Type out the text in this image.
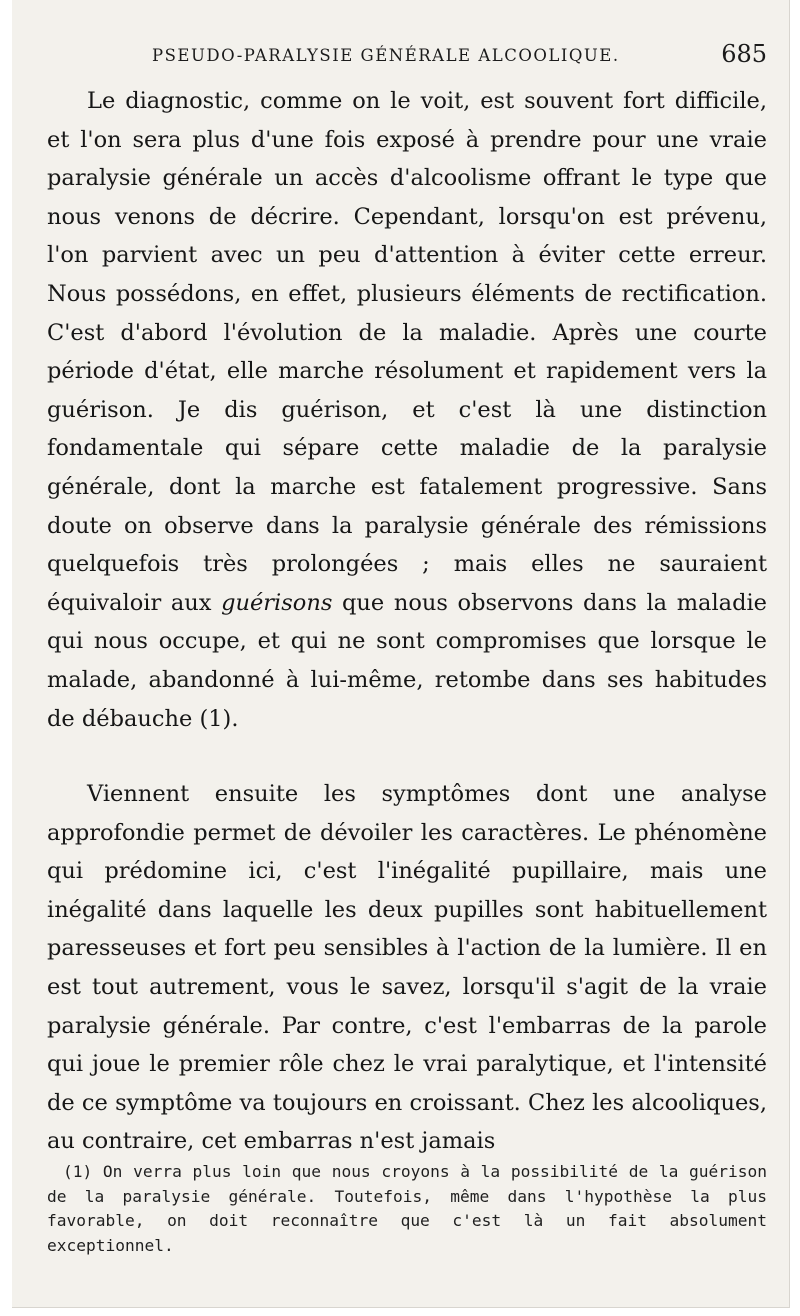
PSEUDO-PARALYSIE GÉNÉRALE ALCOOLIQUE.	685

Le diagnostic, comme on le voit, est souvent fort difficile, et l'on sera plus d'une fois exposé à prendre pour une vraie paralysie générale un accès d'alcoolisme offrant le type que nous venons de décrire. Cependant, lorsqu'on est prévenu, l'on parvient avec un peu d'attention à éviter cette erreur. Nous possédons, en effet, plusieurs éléments de rectification. C'est d'abord l'évolution de la maladie. Après une courte période d'état, elle marche résolument et rapidement vers la guérison. Je dis guérison, et c'est là une distinction fondamentale qui sépare cette maladie de la paralysie générale, dont la marche est fatalement progressive. Sans doute on observe dans la paralysie générale des rémissions quelquefois très prolongées ; mais elles ne sauraient équivaloir aux guérisons que nous observons dans la maladie qui nous occupe, et qui ne sont compromises que lorsque le malade, abandonné à lui-même, retombe dans ses habitudes de débauche (1).

Viennent ensuite les symptômes dont une analyse approfondie permet de dévoiler les caractères. Le phénomène qui prédomine ici, c'est l'inégalité pupillaire, mais une inégalité dans laquelle les deux pupilles sont habituellement paresseuses et fort peu sensibles à l'action de la lumière. Il en est tout autrement, vous le savez, lorsqu'il s'agit de la vraie paralysie générale. Par contre, c'est l'embarras de la parole qui joue le premier rôle chez le vrai paralytique, et l'intensité de ce symptôme va toujours en croissant. Chez les alcooliques, au contraire, cet embarras n'est jamais

(1) On verra plus loin que nous croyons à la possibilité de la guérison de la paralysie générale. Toutefois, même dans l'hypothèse la plus favorable, on doit reconnaître que c'est là un fait absolument exceptionnel.
